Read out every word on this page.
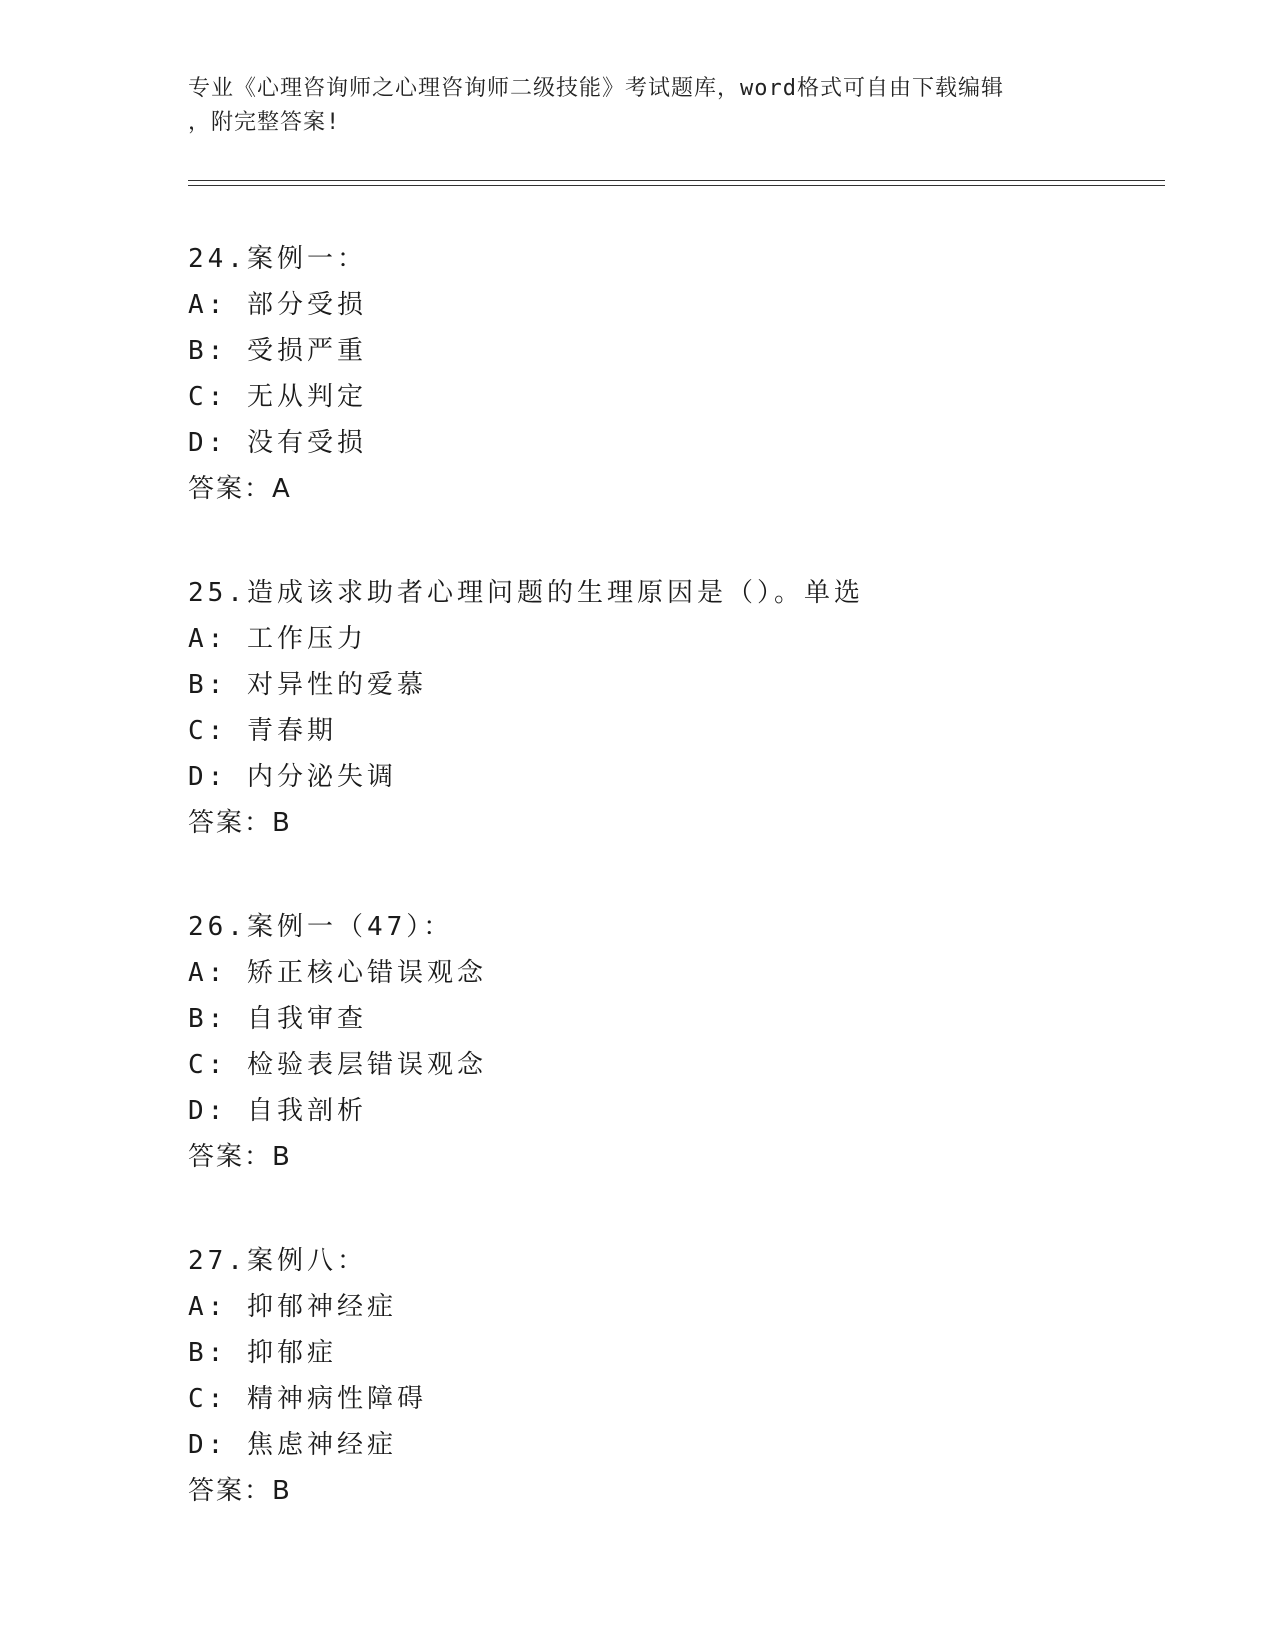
专业《心理咨询师之心理咨询师二级技能》考试题库，word格式可自由下载编辑
，附完整答案!
24.案例一：
A: 部分受损
B: 受损严重
C: 无从判定
D: 没有受损
答案：A
25.造成该求助者心理问题的生理原因是（）。单选
A: 工作压力
B: 对异性的爱慕
C: 青春期
D: 内分泌失调
答案：B
26.案例一（47）：
A: 矫正核心错误观念
B: 自我审查
C: 检验表层错误观念
D: 自我剖析
答案：B
27.案例八：
A: 抑郁神经症
B: 抑郁症
C: 精神病性障碍
D: 焦虑神经症
答案：B
